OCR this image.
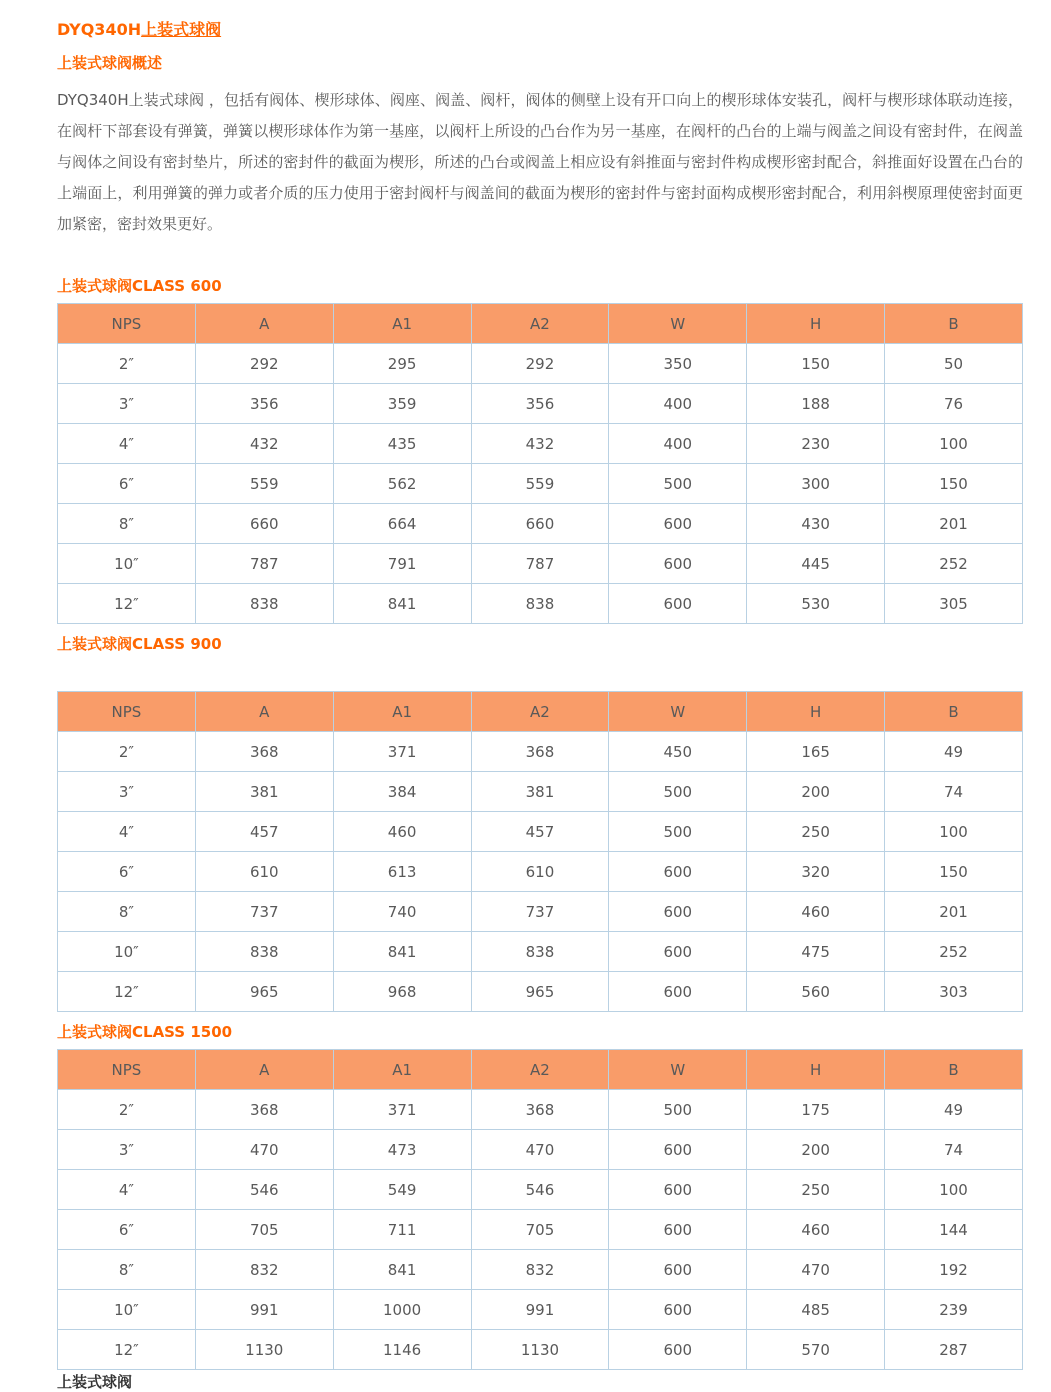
DYQ340H上装式球阀
上装式球阀概述

DYQ340H上装式球阀 ，包括有阀体、楔形球体、阀座、阀盖、阀杆，阀体的侧壁上设有开口向上的楔形球体安装孔，阀杆与楔形球体联动连接，在阀杆下部套设有弹簧，弹簧以楔形球体作为第一基座，以阀杆上所设的凸台作为另一基座，在阀杆的凸台的上端与阀盖之间设有密封件，在阀盖与阀体之间设有密封垫片，所述的密封件的截面为楔形，所述的凸台或阀盖上相应设有斜推面与密封件构成楔形密封配合，斜推面好设置在凸台的上端面上，利用弹簧的弹力或者介质的压力使用于密封阀杆与阀盖间的截面为楔形的密封件与密封面构成楔形密封配合，利用斜楔原理使密封面更加紧密，密封效果更好。

上装式球阀CLASS 600
NPS	A	A1	A2	W	H	B
2″	292	295	292	350	150	50
3″	356	359	356	400	188	76
4″	432	435	432	400	230	100
6″	559	562	559	500	300	150
8″	660	664	660	600	430	201
10″	787	791	787	600	445	252
12″	838	841	838	600	530	305
上装式球阀CLASS 900
NPS	A	A1	A2	W	H	B
2″	368	371	368	450	165	49
3″	381	384	381	500	200	74
4″	457	460	457	500	250	100
6″	610	613	610	600	320	150
8″	737	740	737	600	460	201
10″	838	841	838	600	475	252
12″	965	968	965	600	560	303
上装式球阀CLASS 1500
NPS	A	A1	A2	W	H	B
2″	368	371	368	500	175	49
3″	470	473	470	600	200	74
4″	546	549	546	600	250	100
6″	705	711	705	600	460	144
8″	832	841	832	600	470	192
10″	991	1000	991	600	485	239
12″	1130	1146	1130	600	570	287
上装式球阀
